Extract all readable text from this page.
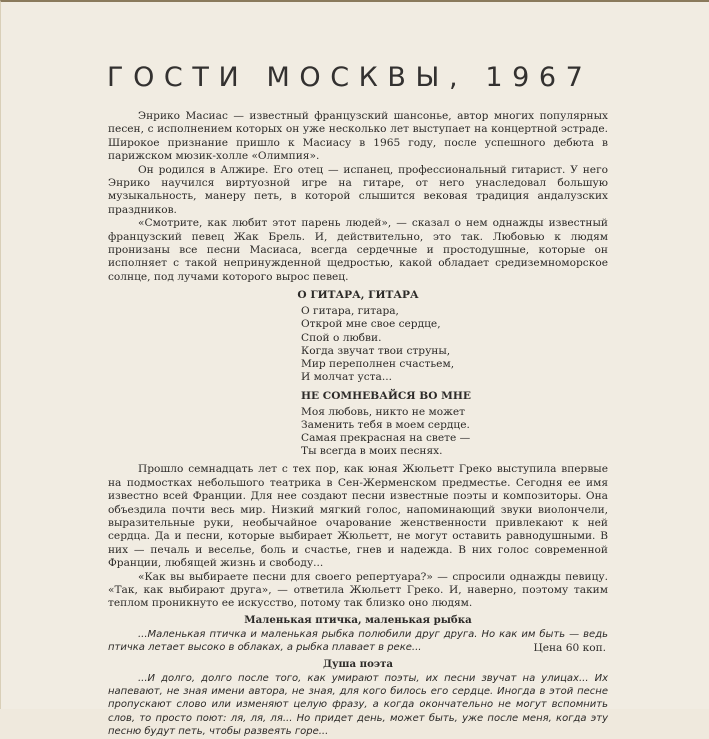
ГОСТИ МОСКВЫ, 1967

Энрико Масиас — известный французский шансонье, автор многих популярных песен, с исполнением которых он уже несколько лет выступает на концертной эстраде. Широкое признание пришло к Масиасу в 1965 году, после успешного дебюта в парижском мюзик-холле «Олимпия».

Он родился в Алжире. Его отец — испанец, профессиональный гитарист. У него Энрико научился виртуозной игре на гитаре, от него унаследовал большую музыкальность, манеру петь, в которой слышится вековая традиция андалузских праздников.

«Смотрите, как любит этот парень людей», — сказал о нем однажды известный французский певец Жак Брель. И, действительно, это так. Любовью к людям пронизаны все песни Масиаса, всегда сердечные и простодушные, которые он исполняет с такой непринужденной щедростью, какой обладает средиземноморское солнце, под лучами которого вырос певец.

О ГИТАРА, ГИТАРА
О гитара, гитара,
Открой мне свое сердце,
Спой о любви.
Когда звучат твои струны,
Мир переполнен счастьем,
И молчат уста...
НЕ СОМНЕВАЙСЯ ВО МНЕ
Моя любовь, никто не может
Заменить тебя в моем сердце.
Самая прекрасная на свете —
Ты всегда в моих песнях.

Прошло семнадцать лет с тех пор, как юная Жюльетт Греко выступила впервые на подмостках небольшого театрика в Сен-Жерменском предместье. Сегодня ее имя известно всей Франции. Для нее создают песни известные поэты и композиторы. Она объездила почти весь мир. Низкий мягкий голос, напоминающий звуки виолончели, выразительные руки, необычайное очарование женственности привлекают к ней сердца. Да и песни, которые выбирает Жюльетт, не могут оставить равнодушными. В них — печаль и веселье, боль и счастье, гнев и надежда. В них голос современной Франции, любящей жизнь и свободу...

«Как вы выбираете песни для своего репертуара?» — спросили однажды певицу. «Так, как выбирают друга», — ответила Жюльетт Греко. И, наверно, поэтому таким теплом проникнуто ее искусство, потому так близко оно людям.

Маленькая птичка, маленькая рыбка

...Маленькая птичка и маленькая рыбка полюбили друг друга. Но как им быть — ведь птичка летает высоко в облаках, а рыбка плавает в реке...

Душа поэта

...И долго, долго после того, как умирают поэты, их песни звучат на улицах... Их напевают, не зная имени автора, не зная, для кого билось его сердце. Иногда в этой песне пропускают слово или изменяют целую фразу, а когда окончательно не могут вспомнить слов, то просто поют: ля, ля, ля... Но придет день, может быть, уже после меня, когда эту песню будут петь, чтобы развеять горе...

Цена 60 коп.
